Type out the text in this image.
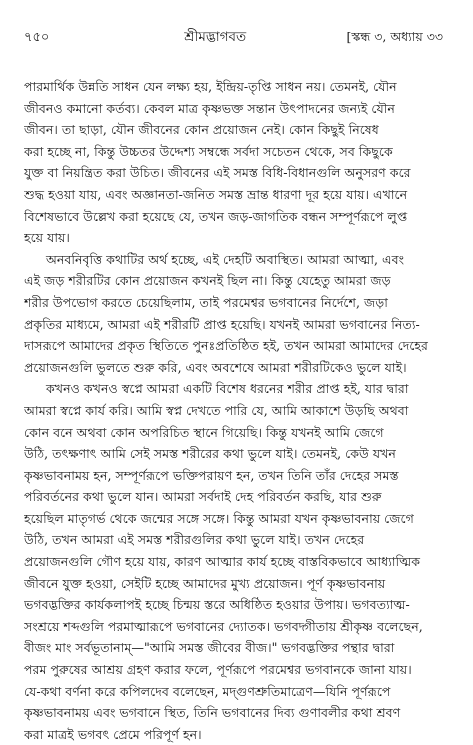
৭৫০	শ্রীমদ্ভাগবত	[স্কন্ধ ৩, অধ্যায় ৩৩
পারমার্থিক উন্নতি সাধন যেন লক্ষ্য হয়, ইন্দ্রিয়-তৃপ্তি সাধন নয়। তেমনই, যৌন
জীবনও কমানো কর্তব্য। কেবল মাত্র কৃষ্ণভক্ত সন্তান উৎপাদনের জন্যই যৌন
জীবন। তা ছাড়া, যৌন জীবনের কোন প্রয়োজন নেই। কোন কিছুই নিষেধ
করা হচ্ছে না, কিন্তু উচ্চতর উদ্দেশ্য সম্বন্ধে সর্বদা সচেতন থেকে, সব কিছুকে
যুক্ত বা নিয়ন্ত্রিত করা উচিত। জীবনের এই সমস্ত বিধি-বিধানগুলি অনুসরণ করে
শুদ্ধ হওয়া যায়, এবং অজ্ঞানতা-জনিত সমস্ত ভ্রান্ত ধারণা দূর হয়ে যায়। এখানে
বিশেষভাবে উল্লেখ করা হয়েছে যে, তখন জড়-জাগতিক বন্ধন সম্পূর্ণরূপে লুপ্ত
হয়ে যায়।
অনবনিবৃত্তি কথাটির অর্থ হচ্ছে, এই দেহটি অবাস্থিত। আমরা আত্মা, এবং
এই জড় শরীরটির কোন প্রয়োজন কখনই ছিল না। কিন্তু যেহেতু আমরা জড়
শরীর উপভোগ করতে চেয়েছিলাম, তাই পরমেশ্বর ভগবানের নির্দেশে, জড়া
প্রকৃতির মাধ্যমে, আমরা এই শরীরটি প্রাপ্ত হয়েছি। যখনই আমরা ভগবানের নিত্য-
দাসরূপে আমাদের প্রকৃত স্থিতিতে পুনঃপ্রতিষ্ঠিত হই, তখন আমরা আমাদের দেহের
প্রয়োজনগুলি ভুলতে শুরু করি, এবং অবশেষে আমরা শরীরটিকেও ভুলে যাই।
কখনও কখনও স্বপ্নে আমরা একটি বিশেষ ধরনের শরীর প্রাপ্ত হই, যার দ্বারা
আমরা স্বপ্নে কার্য করি। আমি স্বপ্ন দেখতে পারি যে, আমি আকাশে উড়ছি অথবা
কোন বনে অথবা কোন অপরিচিত স্থানে গিয়েছি। কিন্তু যখনই আমি জেগে
উঠি, তৎক্ষণাৎ আমি সেই সমস্ত শরীরের কথা ভুলে যাই। তেমনই, কেউ যখন
কৃষ্ণভাবনাময় হন, সম্পূর্ণরূপে ভক্তিপরায়ণ হন, তখন তিনি তাঁর দেহের সমস্ত
পরিবর্তনের কথা ভুলে যান। আমরা সর্বদাই দেহ পরিবর্তন করছি, যার শুরু
হয়েছিল মাতৃগর্ভ থেকে জন্মের সঙ্গে সঙ্গে। কিন্তু আমরা যখন কৃষ্ণভাবনায় জেগে
উঠি, তখন আমরা এই সমস্ত শরীরগুলির কথা ভুলে যাই। তখন দেহের
প্রয়োজনগুলি গৌণ হয়ে যায়, কারণ আত্মার কার্য হচ্ছে বাস্তবিকভাবে আধ্যাত্মিক
জীবনে যুক্ত হওয়া, সেইটি হচ্ছে আমাদের মুখ্য প্রয়োজন। পূর্ণ কৃষ্ণভাবনায়
ভগবদ্ভক্তির কার্যকলাপই হচ্ছে চিন্ময় স্তরে অধিষ্ঠিত হওয়ার উপায়। ভগবত্যাত্ম-
সংশ্রয়ে শব্দগুলি পরমাত্মারূপে ভগবানের দ্যোতক। ভগবদ্গীতায় শ্রীকৃষ্ণ বলেছেন,
বীজং মাং সর্বভূতানাম্‌—"আমি সমস্ত জীবের বীজ।" ভগবদ্ভক্তির পন্থার দ্বারা
পরম পুরুষের আশ্রয় গ্রহণ করার ফলে, পূর্ণরূপে পরমেশ্বর ভগবানকে জানা যায়।
যে-কথা বর্ণনা করে কপিলদেব বলেছেন, মদ্গুণশ্রুতিমাত্রেণ—যিনি পূর্ণরূপে
কৃষ্ণভাবনাময় এবং ভগবানে স্থিত, তিনি ভগবানের দিব্য গুণাবলীর কথা শ্রবণ
করা মাত্রই ভগবৎ প্রেমে পরিপূর্ণ হন।
